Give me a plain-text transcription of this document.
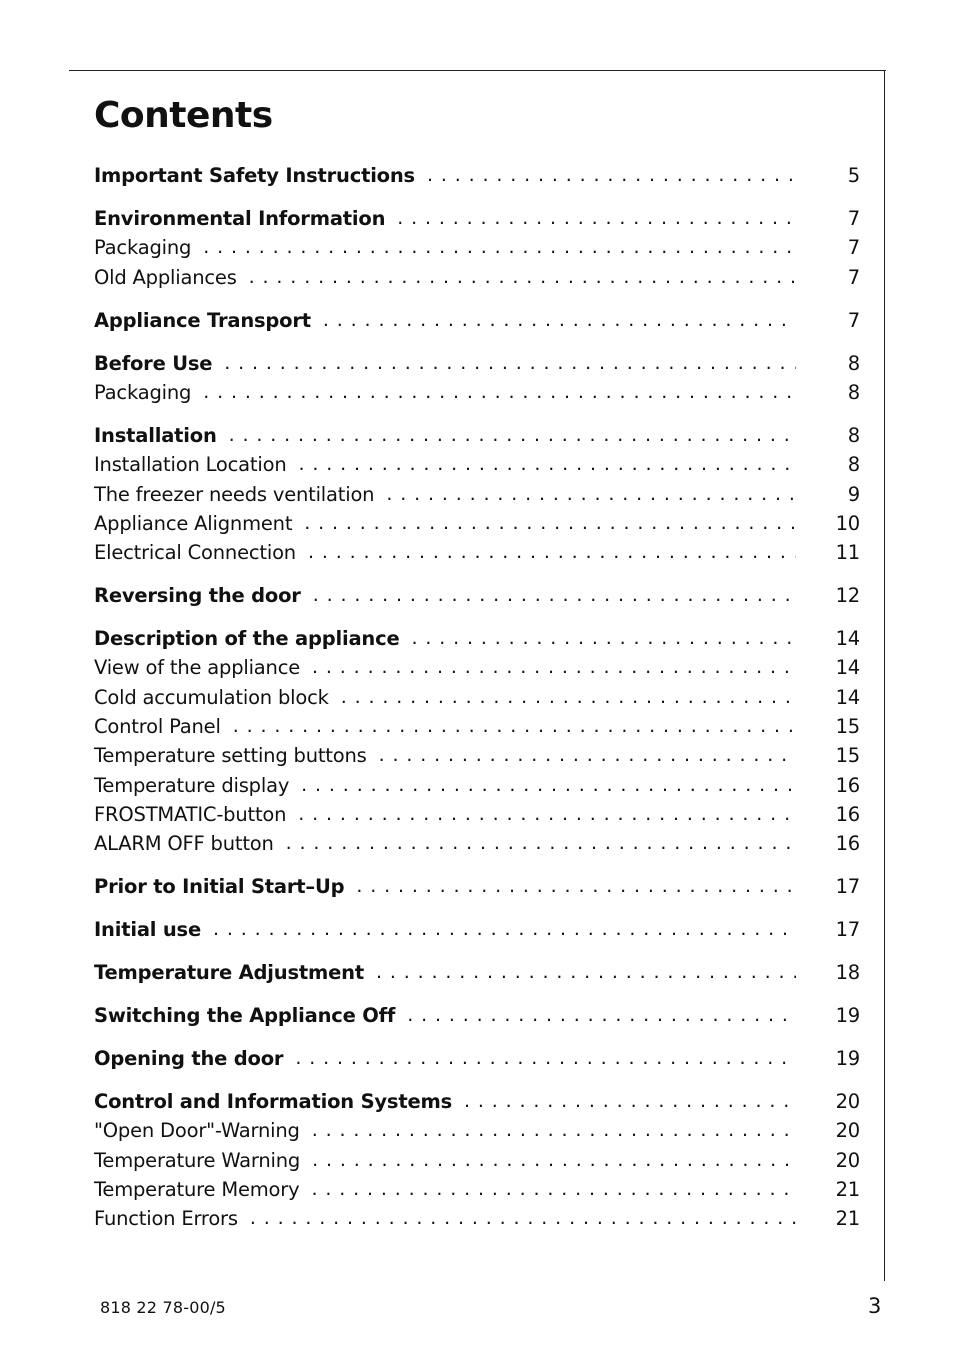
Contents
Important Safety Instructions . . .	5
Environmental Information . . .	7
Packaging . . .	7
Old Appliances . . .	7
Appliance Transport . . .	7
Before Use . . .	8
Packaging . . .	8
Installation . . .	8
Installation Location . . .	8
The freezer needs ventilation . . .	9
Appliance Alignment . . .	10
Electrical Connection . . .	11
Reversing the door . . .	12
Description of the appliance . . .	14
View of the appliance . . .	14
Cold accumulation block . . .	14
Control Panel . . .	15
Temperature setting buttons . . .	15
Temperature display . . .	16
FROSTMATIC-button . . .	16
ALARM OFF button . . .	16
Prior to Initial Start–Up . . .	17
Initial use . . .	17
Temperature Adjustment . . .	18
Switching the Appliance Off . . .	19
Opening the door . . .	19
Control and Information Systems . . .	20
"Open Door"-Warning . . .	20
Temperature Warning . . .	20
Temperature Memory . . .	21
Function Errors . . .	21
818 22 78-00/5	3
